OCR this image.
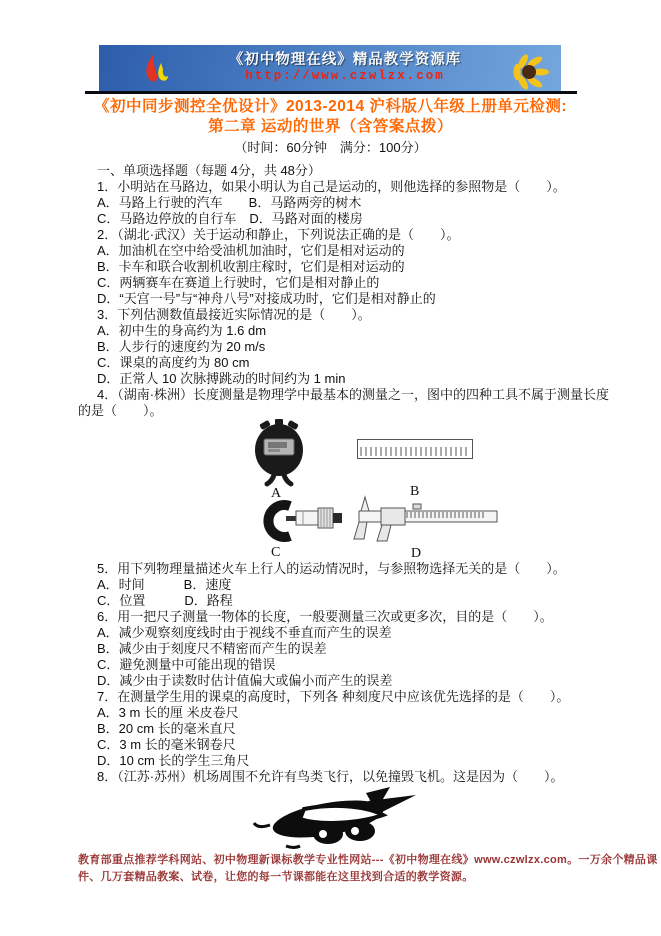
《初中物理在线》精品教学资源库
http://www.czwlzx.com
《初中同步测控全优设计》2013-2014 沪科版八年级上册单元检测:
第二章 运动的世界（含答案点拨）
（时间：60分钟　满分：100分）
一、单项选择题（每题 4分，共 48分）
1．小明站在马路边，如果小明认为自己是运动的，则他选择的参照物是（　　）。
A．马路上行驶的汽车　　B．马路两旁的树木
C．马路边停放的自行车　D．马路对面的楼房
2．（湖北·武汉）关于运动和静止，下列说法正确的是（　　）。
A．加油机在空中给受油机加油时，它们是相对运动的
B．卡车和联合收割机收割庄稼时，它们是相对运动的
C．两辆赛车在赛道上行驶时，它们是相对静止的
D．“天宫一号”与“神舟八号”对接成功时，它们是相对静止的
3．下列估测数值最接近实际情况的是（　　）。
A．初中生的身高约为 1.6 dm
B．人步行的速度约为 20 m/s
C．课桌的高度约为 80 cm
D．正常人 10 次脉搏跳动的时间约为 1 min
4．（湖南·株洲）长度测量是物理学中最基本的测量之一，图中的四种工具不属于测量长度
的是（　　）。
A	B
C	D
5．用下列物理量描述火车上行人的运动情况时，与参照物选择无关的是（　　）。
A．时间　　　B．速度
C．位置　　　D．路程
6．用一把尺子测量一物体的长度，一般要测量三次或更多次，目的是（　　）。
A．减少观察刻度线时由于视线不垂直而产生的误差
B．减少由于刻度尺不精密而产生的误差
C．避免测量中可能出现的错误
D．减少由于读数时估计值偏大或偏小而产生的误差
7．在测量学生用的课桌的高度时，下列各 种刻度尺中应该优先选择的是（　　）。
A．3 m 长的厘 米皮卷尺
B．20 cm 长的毫米直尺
C．3 m 长的毫米钢卷尺
D．10 cm 长的学生三角尺
8．（江苏·苏州）机场周围不允许有鸟类飞行，以免撞毁飞机。这是因为（　　）。
教育部重点推荐学科网站、初中物理新课标教学专业性网站---《初中物理在线》www.czwlzx.com。一万余个精品课
件、几万套精品教案、试卷，让您的每一节课都能在这里找到合适的教学资源。
